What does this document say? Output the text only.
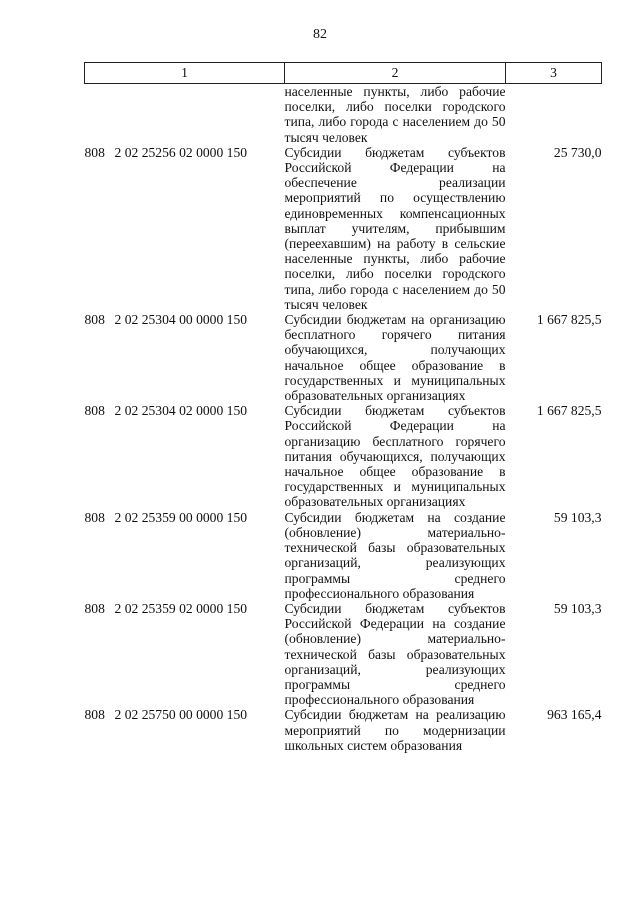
82
1	2	3
	населенные пункты, либо рабочие поселки, либо поселки городского типа, либо города с населением до 50 тысяч человек	
808 2 02 25256 02 0000 150	Субсидии бюджетам субъектов Российской Федерации на обеспечение реализации мероприятий по осуществлению единовременных компенсационных выплат учителям, прибывшим (переехавшим) на работу в сельские населенные пункты, либо рабочие поселки, либо поселки городского типа, либо города с населением до 50 тысяч человек	25 730,0
808 2 02 25304 00 0000 150	Субсидии бюджетам на организацию бесплатного горячего питания обучающихся, получающих начальное общее образование в государственных и муниципальных образовательных организациях	1 667 825,5
808 2 02 25304 02 0000 150	Субсидии бюджетам субъектов Российской Федерации на организацию бесплатного горячего питания обучающихся, получающих начальное общее образование в государственных и муниципальных образовательных организациях	1 667 825,5
808 2 02 25359 00 0000 150	Субсидии бюджетам на создание (обновление) материально-технической базы образовательных организаций, реализующих программы среднего профессионального образования	59 103,3
808 2 02 25359 02 0000 150	Субсидии бюджетам субъектов Российской Федерации на создание (обновление) материально-технической базы образовательных организаций, реализующих программы среднего профессионального образования	59 103,3
808 2 02 25750 00 0000 150	Субсидии бюджетам на реализацию мероприятий по модернизации школьных систем образования	963 165,4
